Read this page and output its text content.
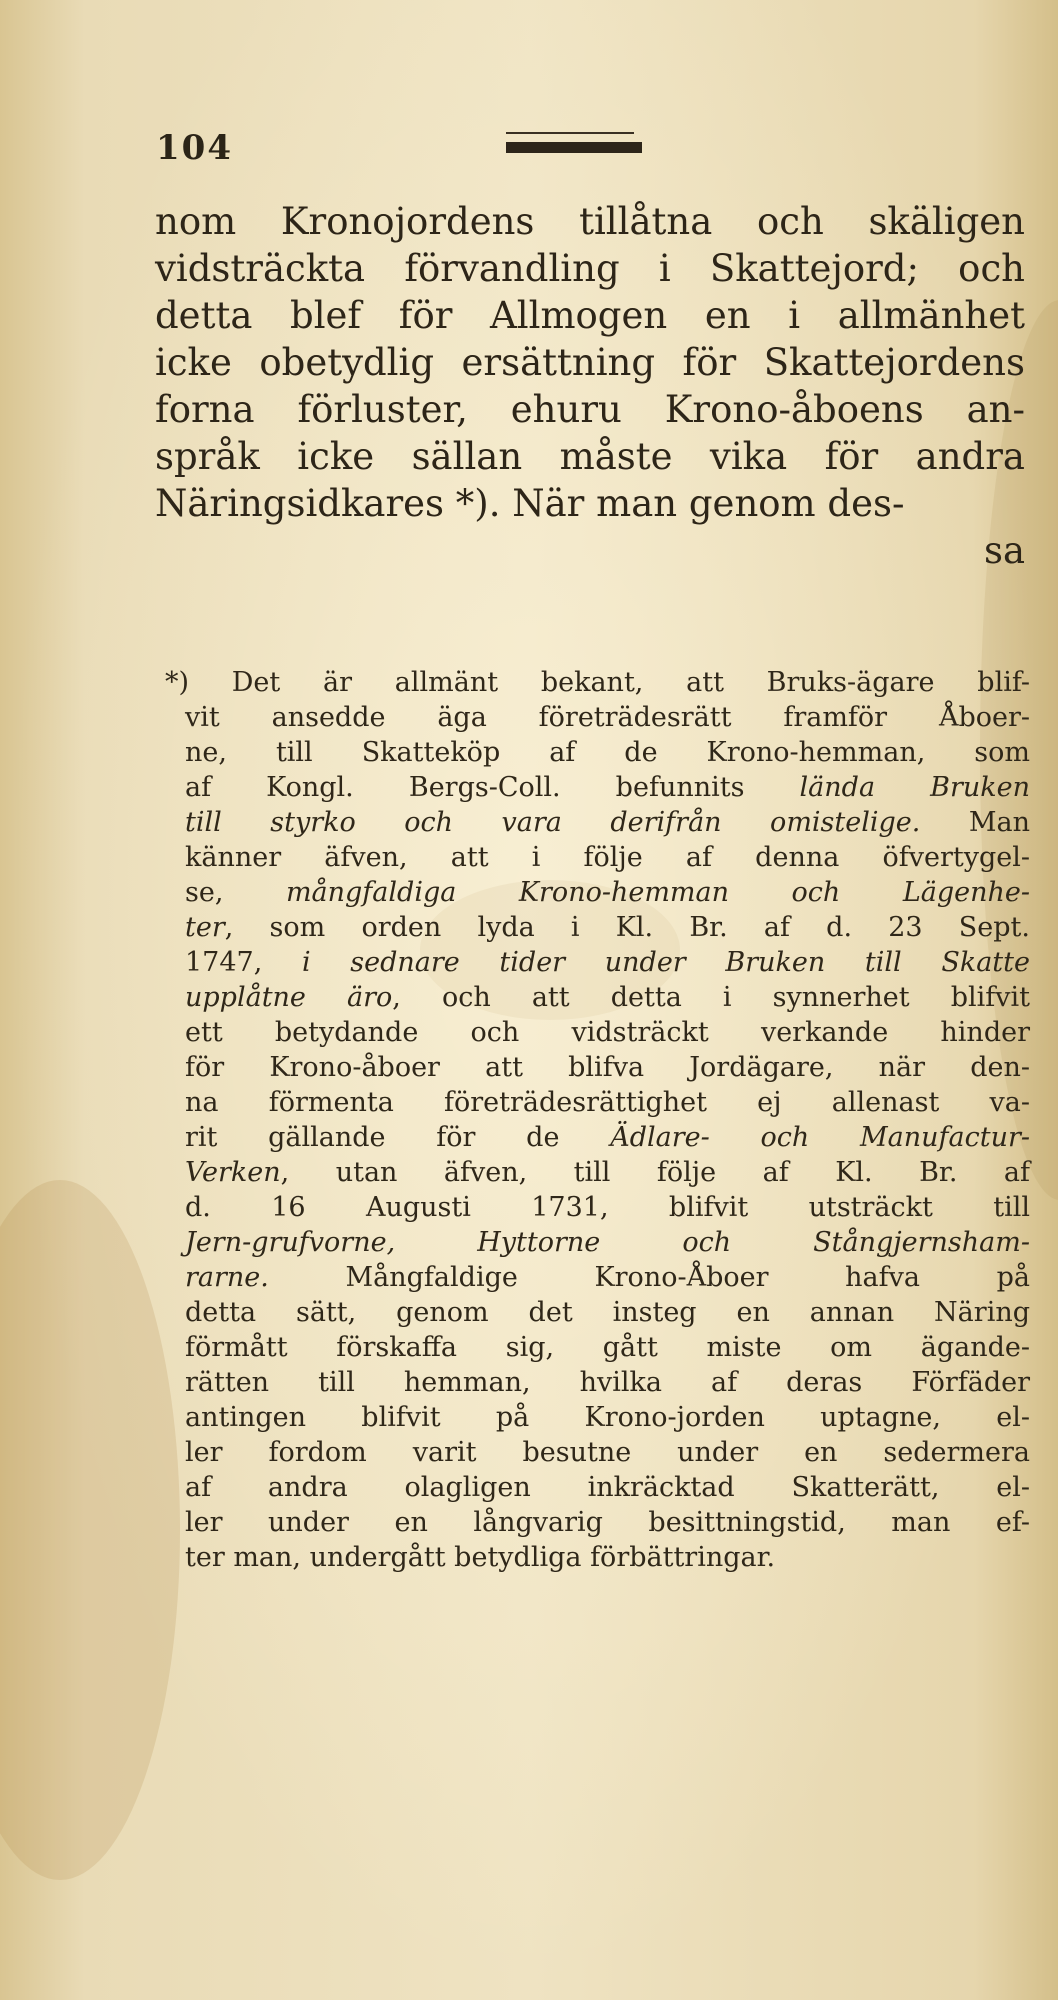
104
nom Kronojordens tillåtna och skäligen
vidsträckta förvandling i Skattejord; och
detta blef för Allmogen en i allmänhet
icke obetydlig ersättning för Skattejordens
forna förluster, ehuru Krono-åboens an-
språk icke sällan måste vika för andra
Näringsidkares *). När man genom des-
sa
*) Det är allmänt bekant, att Bruks-ägare blif-
vit ansedde äga företrädesrätt framför Åboer-
ne, till Skatteköp af de Krono-hemman, som
af Kongl. Bergs-Coll. befunnits lända Bruken
till styrko och vara derifrån omistelige. Man
känner äfven, att i följe af denna öfvertygel-
se, mångfaldiga Krono-hemman och Lägenhe-
ter, som orden lyda i Kl. Br. af d. 23 Sept.
1747, i sednare tider under Bruken till Skatte
upplåtne äro, och att detta i synnerhet blifvit
ett betydande och vidsträckt verkande hinder
för Krono-åboer att blifva Jordägare, när den-
na förmenta företrädesrättighet ej allenast va-
rit gällande för de Ädlare- och Manufactur-
Verken, utan äfven, till följe af Kl. Br. af
d. 16 Augusti 1731, blifvit utsträckt till
Jern-grufvorne, Hyttorne och Stångjernsham-
rarne. Mångfaldige Krono-Åboer hafva på
detta sätt, genom det insteg en annan Näring
förmått förskaffa sig, gått miste om ägande-
rätten till hemman, hvilka af deras Förfäder
antingen blifvit på Krono-jorden uptagne, el-
ler fordom varit besutne under en sedermera
af andra olagligen inkräcktad Skatterätt, el-
ler under en långvarig besittningstid, man ef-
ter man, undergått betydliga förbättringar.
